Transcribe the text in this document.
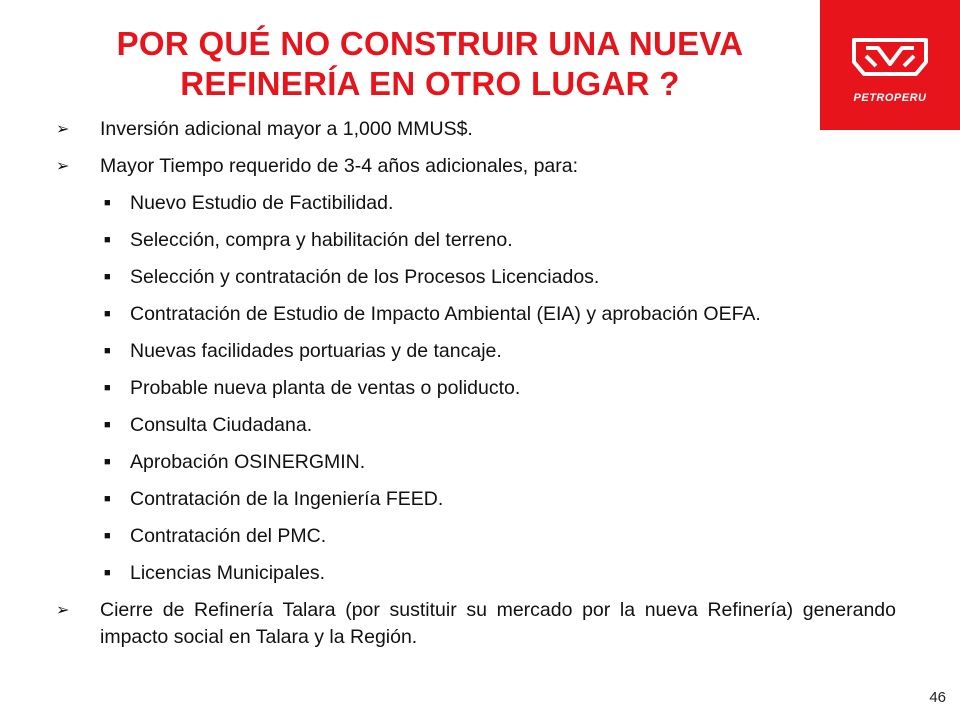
POR QUÉ NO CONSTRUIR UNA NUEVA
REFINERÍA EN OTRO LUGAR ?	PETROPERU
➢ Inversión adicional mayor a 1,000 MMUS$.
➢ Mayor Tiempo requerido de 3-4 años adicionales, para:
■ Nuevo Estudio de Factibilidad.
■ Selección, compra y habilitación del terreno.
■ Selección y contratación de los Procesos Licenciados.
■ Contratación de Estudio de Impacto Ambiental (EIA) y aprobación OEFA.
■ Nuevas facilidades portuarias y de tancaje.
■ Probable nueva planta de ventas o poliducto.
■ Consulta Ciudadana.
■ Aprobación OSINERGMIN.
■ Contratación de la Ingeniería FEED.
■ Contratación del PMC.
■ Licencias Municipales.
➢ Cierre de Refinería Talara (por sustituir su mercado por la nueva Refinería) generando impacto social en Talara y la Región.
46
